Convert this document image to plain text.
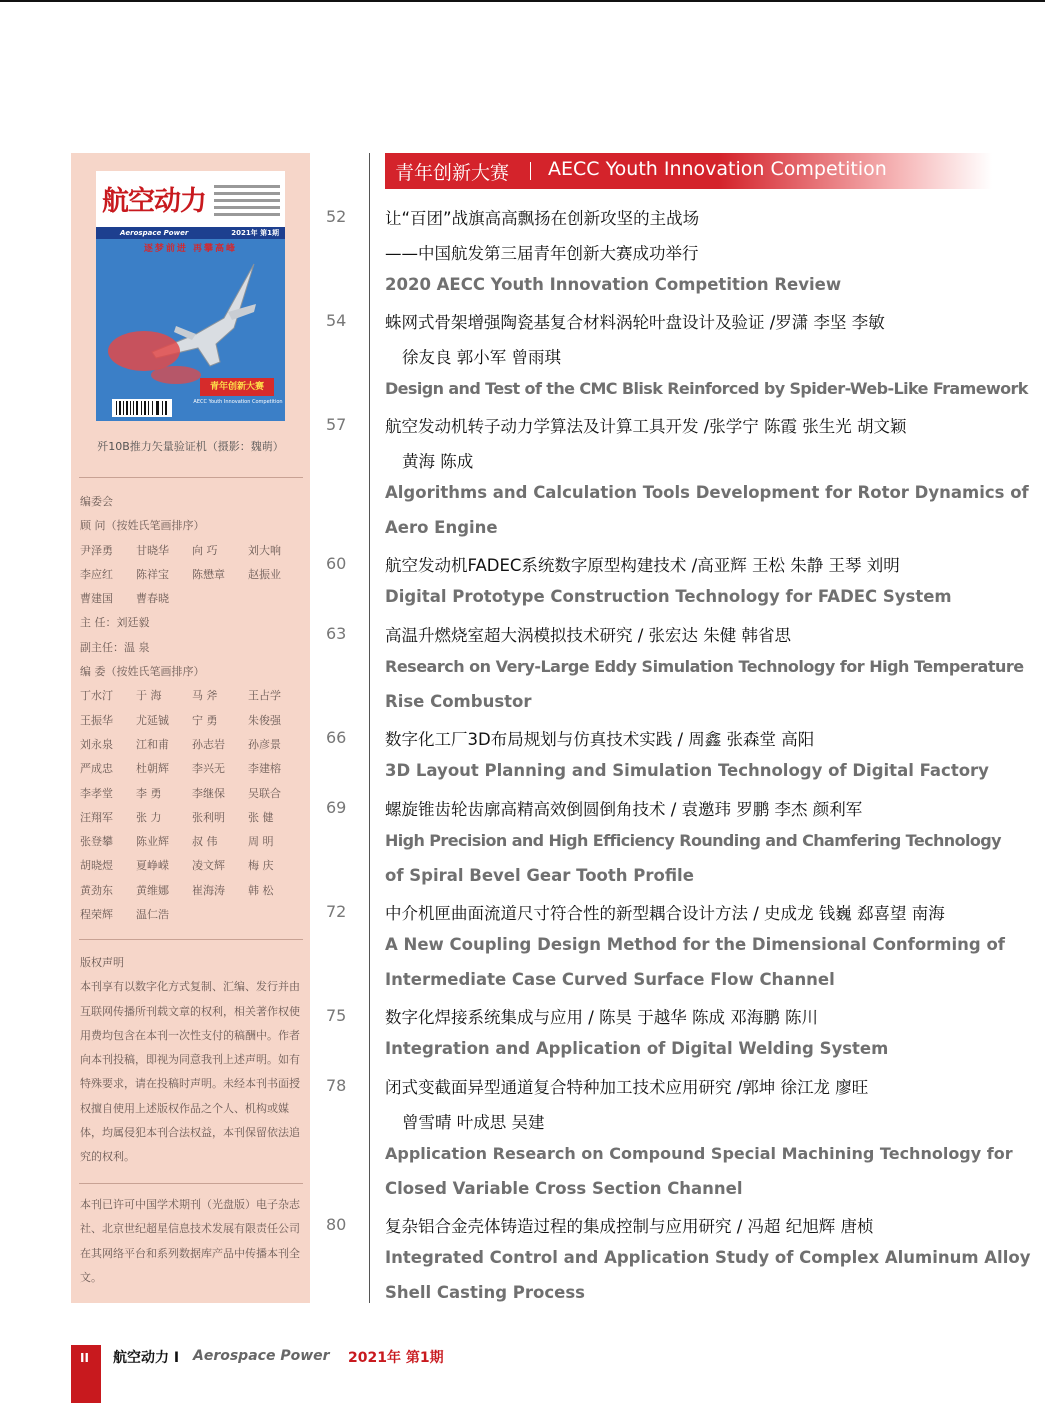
航空动力
Aerospace Power	2021年 第1期
逐梦前进 再攀高峰
青年创新大赛
AECC Youth Innovation Competition
歼10B推力矢量验证机（摄影：魏萌）
编委会
顾 问（按姓氏笔画排序）
尹泽勇 甘晓华 向 巧	刘大响
李应红 陈祥宝 陈懋章 赵振业
曹建国 曹春晓
主 任：刘廷毅
副主任：温 泉
编 委（按姓氏笔画排序）
丁水汀 于 海	马 斧	王占学
王振华 尤延铖 宁 勇	朱俊强
刘永泉 江和甫 孙志岩 孙彦景
严成忠 杜朝辉 李兴无 李建榕
李孝堂 李 勇	李继保 吴联合
汪翔军 张 力	张利明 张 健
张登攀 陈业辉 叔 伟	周 明
胡晓煜 夏峥嵘 凌文辉 梅 庆
黄劲东 黄维娜 崔海涛 韩 松
程荣辉 温仁浩
版权声明
本刊享有以数字化方式复制、汇编、发行并由互联网传播所刊载文章的权利，相关著作权使用费均包含在本刊一次性支付的稿酬中。作者向本刊投稿，即视为同意我刊上述声明。如有特殊要求，请在投稿时声明。未经本刊书面授权擅自使用上述版权作品之个人、机构或媒体，均属侵犯本刊合法权益，本刊保留依法追究的权利。
本刊已许可中国学术期刊（光盘版）电子杂志社、北京世纪超星信息技术发展有限责任公司在其网络平台和系列数据库产品中传播本刊全文。
青年创新大赛 AECC Youth Innovation Competition
52 让“百团”战旗高高飘扬在创新攻坚的主战场
——中国航发第三届青年创新大赛成功举行
2020 AECC Youth Innovation Competition Review
54 蛛网式骨架增强陶瓷基复合材料涡轮叶盘设计及验证 /罗潇 李坚 李敏
徐友良 郭小军 曾雨琪
Design and Test of the CMC Blisk Reinforced by Spider-Web-Like Framework
57 航空发动机转子动力学算法及计算工具开发 /张学宁 陈霞 张生光 胡文颖
黄海 陈成
Algorithms and Calculation Tools Development for Rotor Dynamics of
Aero Engine
60 航空发动机FADEC系统数字原型构建技术 /高亚辉 王松 朱静 王琴 刘明
Digital Prototype Construction Technology for FADEC System
63 高温升燃烧室超大涡模拟技术研究 / 张宏达 朱健 韩省思
Research on Very-Large Eddy Simulation Technology for High Temperature
Rise Combustor
66 数字化工厂3D布局规划与仿真技术实践 / 周鑫 张森堂 高阳
3D Layout Planning and Simulation Technology of Digital Factory
69 螺旋锥齿轮齿廓高精高效倒圆倒角技术 / 袁邀玮 罗鹏 李杰 颜利军
High Precision and High Efficiency Rounding and Chamfering Technology
of Spiral Bevel Gear Tooth Profile
72 中介机匣曲面流道尺寸符合性的新型耦合设计方法 / 史成龙 钱巍 郄喜望 南海
A New Coupling Design Method for the Dimensional Conforming of
Intermediate Case Curved Surface Flow Channel
75 数字化焊接系统集成与应用 / 陈昊 于越华 陈成 邓海鹏 陈川
Integration and Application of Digital Welding System
78 闭式变截面异型通道复合特种加工技术应用研究 /郭坤 徐江龙 廖旺
曾雪晴 叶成思 吴建
Application Research on Compound Special Machining Technology for
Closed Variable Cross Section Channel
80 复杂铝合金壳体铸造过程的集成控制与应用研究 / 冯超 纪旭辉 唐桢
Integrated Control and Application Study of Complex Aluminum Alloy
Shell Casting Process
II 航空动力 I Aerospace Power 2021年 第1期
